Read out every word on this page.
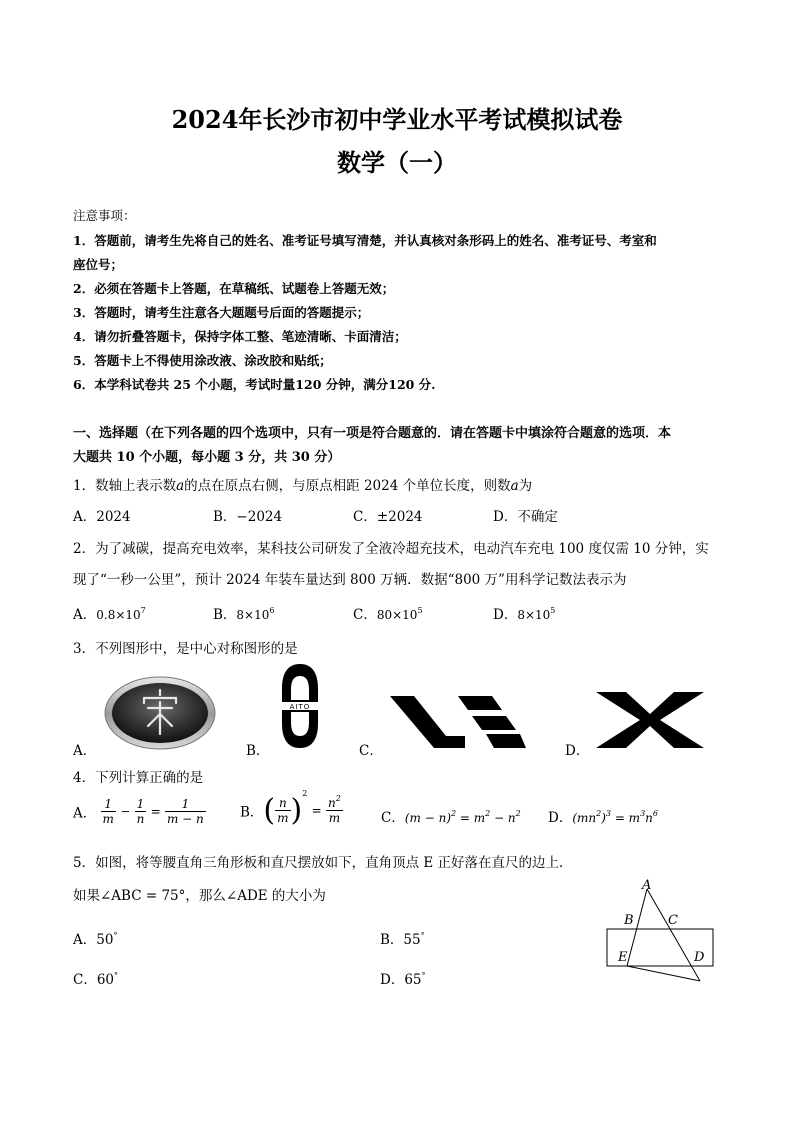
2024年长沙市初中学业水平考试模拟试卷
数学（一）
注意事项：
1．答题前，请考生先将自己的姓名、准考证号填写清楚，并认真核对条形码上的姓名、准考证号、考室和
座位号；
2．必须在答题卡上答题，在草稿纸、试题卷上答题无效；
3．答题时，请考生注意各大题题号后面的答题提示；
4．请勿折叠答题卡，保持字体工整、笔迹清晰、卡面清洁；
5．答题卡上不得使用涂改液、涂改胶和贴纸；
6．本学科试卷共 25 个小题，考试时量120 分钟，满分120 分.
一、选择题（在下列各题的四个选项中，只有一项是符合题意的．请在答题卡中填涂符合题意的选项．本
大题共 10 个小题，每小题 3 分，共 30 分）
1．数轴上表示数a的点在原点右侧，与原点相距 2024 个单位长度，则数a为
A．2024	B．−2024	C．±2024	D．不确定
2．为了减碳，提高充电效率，某科技公司研发了全液冷超充技术，电动汽车充电 100 度仅需 10 分钟，实
现了“一秒一公里”，预计 2024 年装车量达到 800 万辆．数据“800 万”用科学记数法表示为
A．$0.8\times 10^7$	B．$8\times 10^6$	C．$80\times 10^5$	D．$8\times 10^5$
3．不列图形中，是中心对称图形的是
A．	B．
AITO
C．	D．
4．下列计算正确的是
A． $\frac{1}{m} - \frac{1}{n} = \frac{1}{m - n}$	B．( $\frac{n}{m} )^2 = \frac{n^2}{m}$	C．$(m - n)^2 = m^2 - n^2$ D．$(mn^2)^3 = m^3n^6$
5．如图，将等腰直角三角形板和直尺摆放如下，直角顶点 E 正好落在直尺的边上．
如果∠ABC = 75°，那么∠ADE 的大小为
A．50°	B．55°
C．60°	D．65°
A
B	C
D
E
